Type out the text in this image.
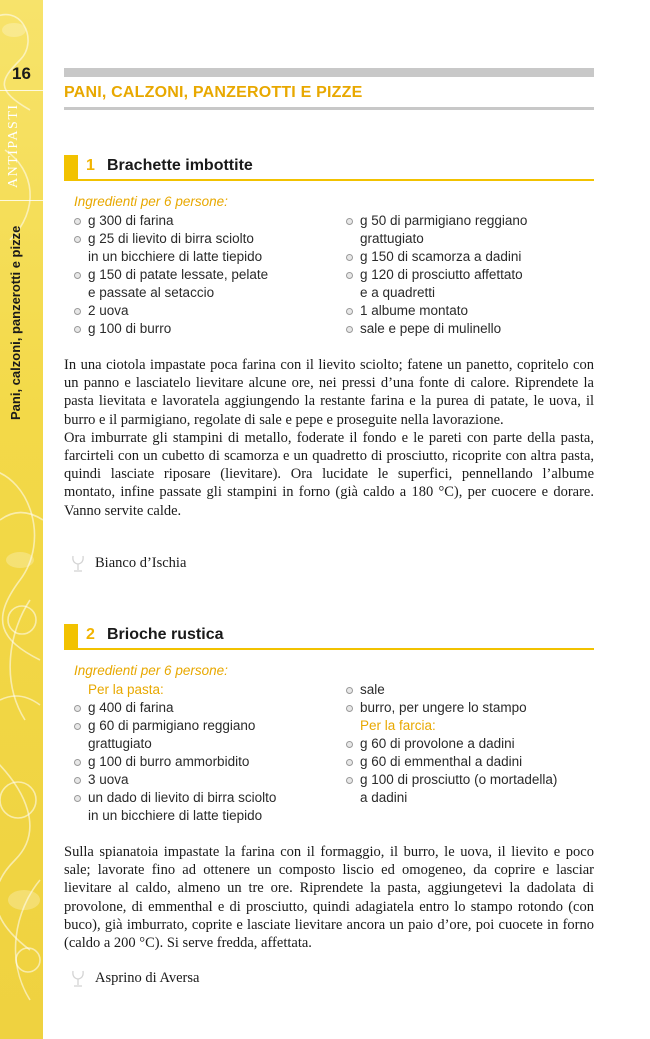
16
ANTIPASTI
Pani, calzoni, panzerotti e pizze
PANI, CALZONI, PANZEROTTI E PIZZE
1 Brachette imbottite
Ingredienti per 6 persone:
g 300 di farina
g 25 di lievito di birra sciolto
in un bicchiere di latte tiepido
g 150 di patate lessate, pelate
e passate al setaccio
2 uova
g 100 di burro
g 50 di parmigiano reggiano
grattugiato
g 150 di scamorza a dadini
g 120 di prosciutto affettato
e a quadretti
1 albume montato
sale e pepe di mulinello

In una ciotola impastate poca farina con il lievito sciolto; fatene un panetto, copritelo con un panno e lasciatelo lievitare alcune ore, nei pressi d’una fonte di calore. Riprendete la pasta lievitata e lavoratela aggiungendo la restante farina e la purea di patate, le uova, il burro e il parmigiano, regolate di sale e pepe e proseguite nella lavorazione.

Ora imburrate gli stampini di metallo, foderate il fondo e le pareti con parte della pasta, farcirteli con un cubetto di scamorza e un quadretto di prosciutto, ricoprite con altra pasta, quindi lasciate riposare (lievitare). Ora lucidate le superfici, pennellando l’albume montato, infine passate gli stampini in forno (già caldo a 180 °C), per cuocere e dorare. Vanno servite calde.

Bianco d’Ischia
2 Brioche rustica
Ingredienti per 6 persone:
Per la pasta:
g 400 di farina
g 60 di parmigiano reggiano
grattugiato
g 100 di burro ammorbidito
3 uova
un dado di lievito di birra sciolto
in un bicchiere di latte tiepido
sale
burro, per ungere lo stampo
Per la farcia:
g 60 di provolone a dadini
g 60 di emmenthal a dadini
g 100 di prosciutto (o mortadella)
a dadini

Sulla spianatoia impastate la farina con il formaggio, il burro, le uova, il lievito e poco sale; lavorate fino ad ottenere un composto liscio ed omogeneo, da coprire e lasciar lievitare al caldo, almeno un tre ore. Riprendete la pasta, aggiungetevi la dadolata di provolone, di emmenthal e di prosciutto, quindi adagiatela entro lo stampo rotondo (con buco), già imburrato, coprite e lasciate lievitare ancora un paio d’ore, poi cuocete in forno (caldo a 200 °C). Si serve fredda, affettata.

Asprino di Aversa
